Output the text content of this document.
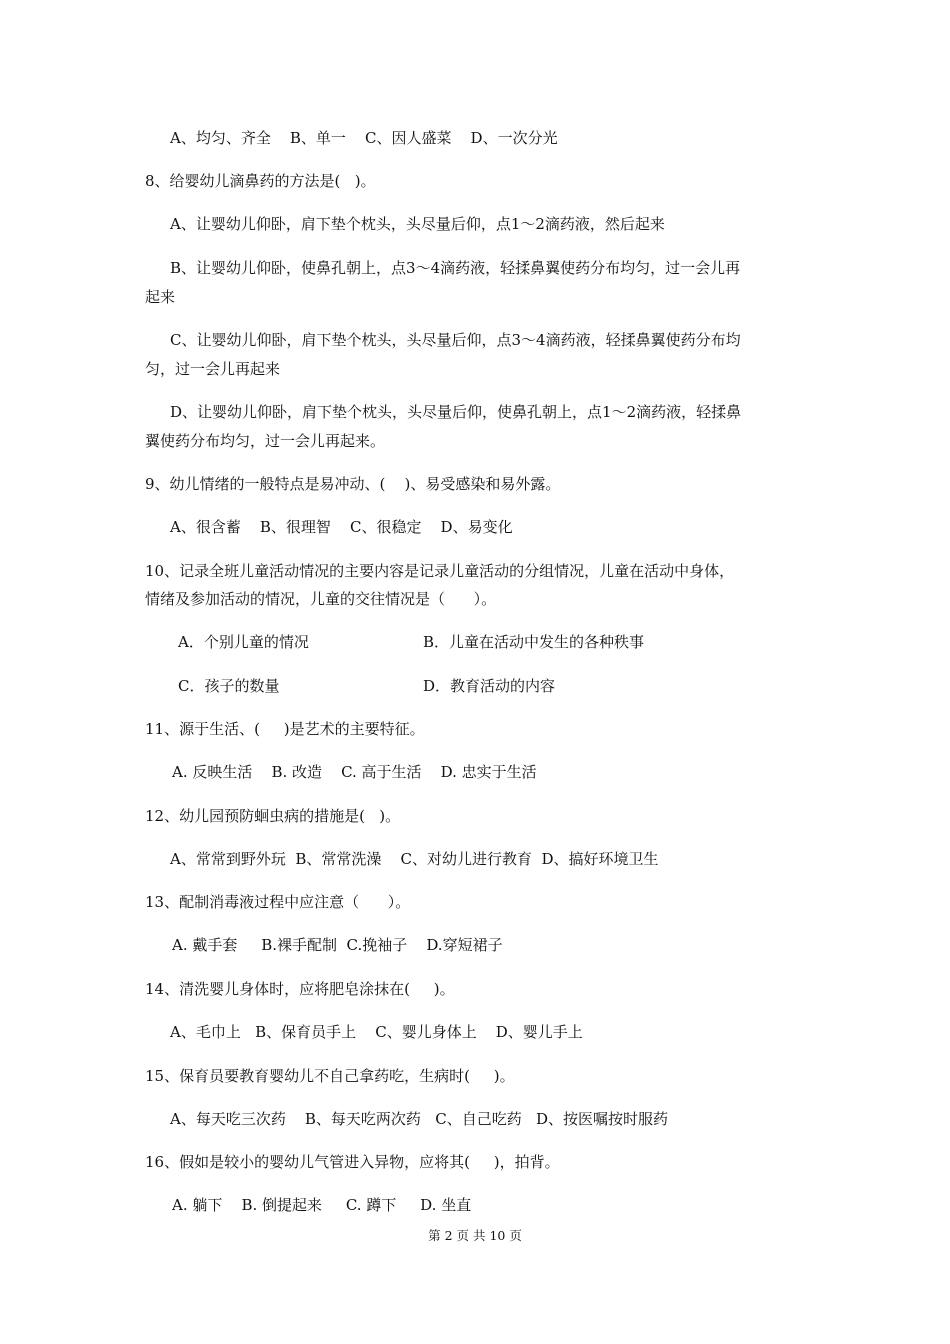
A、均匀、齐全    B、单一    C、因人盛菜    D、一次分光
8、给婴幼儿滴鼻药的方法是(   )。
A、让婴幼儿仰卧，肩下垫个枕头，头尽量后仰，点1～2滴药液，然后起来
B、让婴幼儿仰卧，使鼻孔朝上，点3～4滴药液，轻揉鼻翼使药分布均匀，过一会儿再
起来
C、让婴幼儿仰卧，肩下垫个枕头，头尽量后仰，点3～4滴药液，轻揉鼻翼使药分布均
匀，过一会儿再起来
D、让婴幼儿仰卧，肩下垫个枕头，头尽量后仰，使鼻孔朝上，点1～2滴药液，轻揉鼻
翼使药分布均匀，过一会儿再起来。
9、幼儿情绪的一般特点是易冲动、(    )、易受感染和易外露。
A、很含蓄    B、很理智    C、很稳定    D、易变化
10、记录全班儿童活动情况的主要内容是记录儿童活动的分组情况，儿童在活动中身体，
情绪及参加活动的情况，儿童的交往情况是（      ）。
A．个别儿童的情况	B．儿童在活动中发生的各种秩事
C．孩子的数量	D．教育活动的内容
11、源于生活、(     )是艺术的主要特征。
A. 反映生活    B. 改造    C. 高于生活    D. 忠实于生活
12、幼儿园预防蛔虫病的措施是(   )。
A、常常到野外玩  B、常常洗澡    C、对幼儿进行教育  D、搞好环境卫生
13、配制消毒液过程中应注意（      ）。
A. 戴手套     B.裸手配制  C.挽袖子    D.穿短裙子
14、清洗婴儿身体时，应将肥皂涂抹在(     )。
A、毛巾上   B、保育员手上    C、婴儿身体上    D、婴儿手上
15、保育员要教育婴幼儿不自己拿药吃，生病时(     )。
A、每天吃三次药    B、每天吃两次药   C、自己吃药   D、按医嘱按时服药
16、假如是较小的婴幼儿气管进入异物，应将其(     )，拍背。
A. 躺下    B. 倒提起来     C. 蹲下     D. 坐直
第 2 页 共 10 页
